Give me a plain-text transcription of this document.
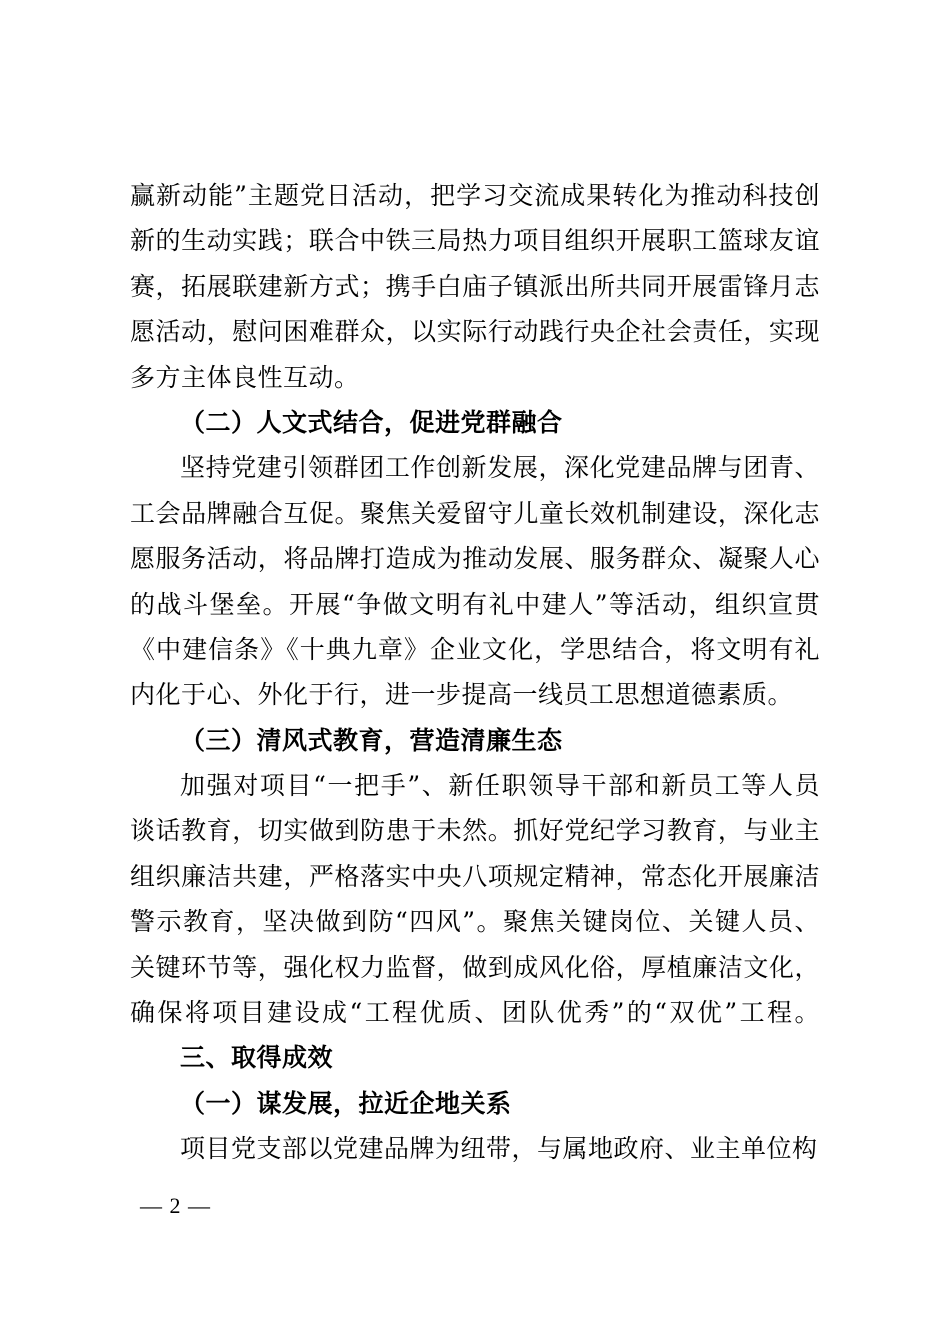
赢新动能”主题党日活动，把学习交流成果转化为推动科技创
新的生动实践；联合中铁三局热力项目组织开展职工篮球友谊
赛，拓展联建新方式；携手白庙子镇派出所共同开展雷锋月志
愿活动，慰问困难群众，以实际行动践行央企社会责任，实现
多方主体良性互动。
（二）人文式结合，促进党群融合
坚持党建引领群团工作创新发展，深化党建品牌与团青、
工会品牌融合互促。聚焦关爱留守儿童长效机制建设，深化志
愿服务活动，将品牌打造成为推动发展、服务群众、凝聚人心
的战斗堡垒。开展“争做文明有礼中建人”等活动，组织宣贯
《中建信条》《十典九章》企业文化，学思结合，将文明有礼
内化于心、外化于行，进一步提高一线员工思想道德素质。
（三）清风式教育，营造清廉生态
加强对项目“一把手”、新任职领导干部和新员工等人员
谈话教育，切实做到防患于未然。抓好党纪学习教育，与业主
组织廉洁共建，严格落实中央八项规定精神，常态化开展廉洁
警示教育，坚决做到防“四风”。聚焦关键岗位、关键人员、
关键环节等，强化权力监督，做到成风化俗，厚植廉洁文化，
确保将项目建设成“工程优质、团队优秀”的“双优”工程。
三、取得成效
（一）谋发展，拉近企地关系
项目党支部以党建品牌为纽带，与属地政府、业主单位构
— 2 —
